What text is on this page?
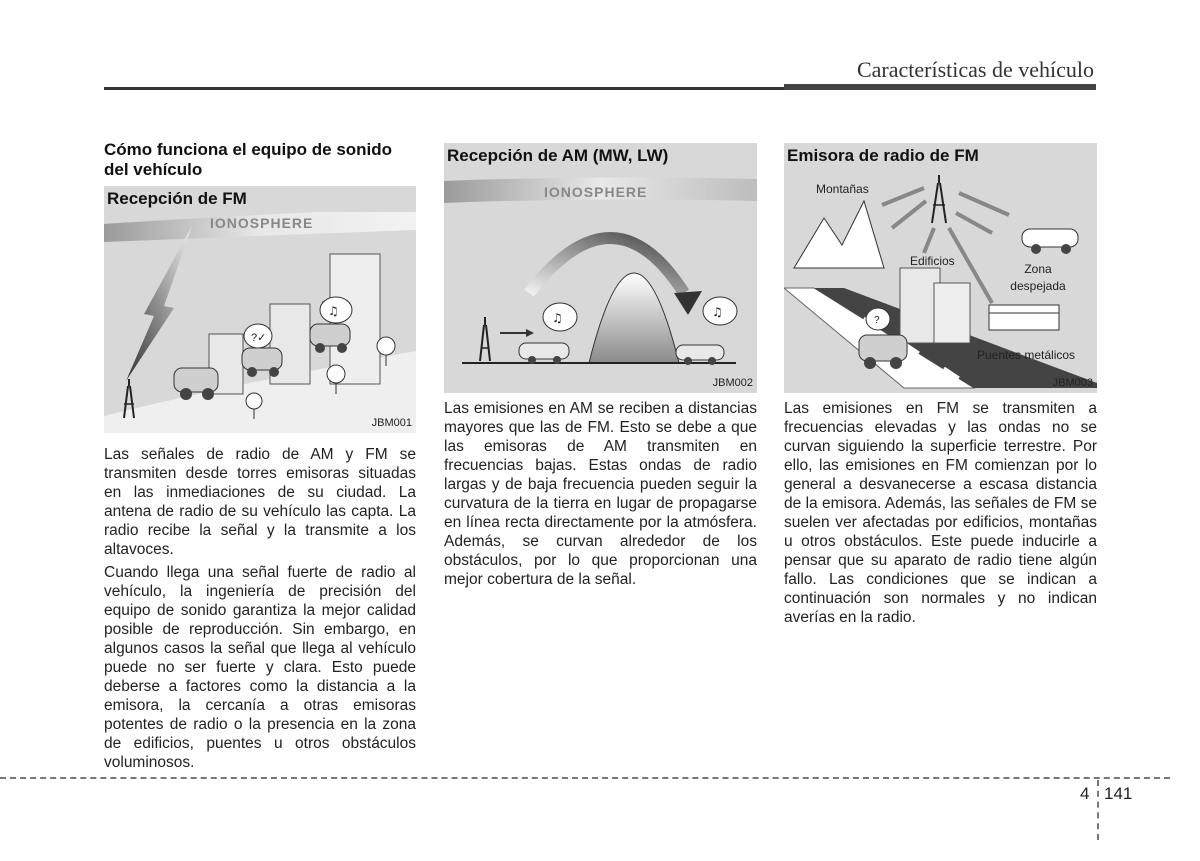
Características de vehículo
Cómo funciona el equipo de sonido del vehículo
IONOSPHERE
?✓
♫
Recepción de FM
JBM001

Las señales de radio de AM y FM se transmiten desde torres emisoras situadas en las inmediaciones de su ciudad. La antena de radio de su vehículo las capta. La radio recibe la señal y la transmite a los altavoces.

Cuando llega una señal fuerte de radio al vehículo, la ingeniería de precisión del equipo de sonido garantiza la mejor calidad posible de reproducción. Sin embargo, en algunos casos la señal que llega al vehículo puede no ser fuerte y clara. Esto puede deberse a factores como la distancia a la emisora, la cercanía a otras emisoras potentes de radio o la presencia en la zona de edificios, puentes u otros obstáculos voluminosos.

IONOSPHERE
♫	♫
Recepción de AM (MW, LW)
JBM002

Las emisiones en AM se reciben a distancias mayores que las de FM. Esto se debe a que las emisoras de AM transmiten en frecuencias bajas. Estas ondas de radio largas y de baja frecuencia pueden seguir la curvatura de la tierra en lugar de propagarse en línea recta directamente por la atmósfera. Además, se curvan alrededor de los obstáculos, por lo que proporcionan una mejor cobertura de la señal.

?
Montañas
Edificios
Zona
despejada
Puentes metálicos
Emisora de radio de FM
JBM003

Las emisiones en FM se transmiten a frecuencias elevadas y las ondas no se curvan siguiendo la superficie terrestre. Por ello, las emisiones en FM comienzan por lo general a desvanecerse a escasa distancia de la emisora. Además, las señales de FM se suelen ver afectadas por edificios, montañas u otros obstáculos. Este puede inducirle a pensar que su aparato de radio tiene algún fallo. Las condiciones que se indican a continuación son normales y no indican averías en la radio.

4 141
